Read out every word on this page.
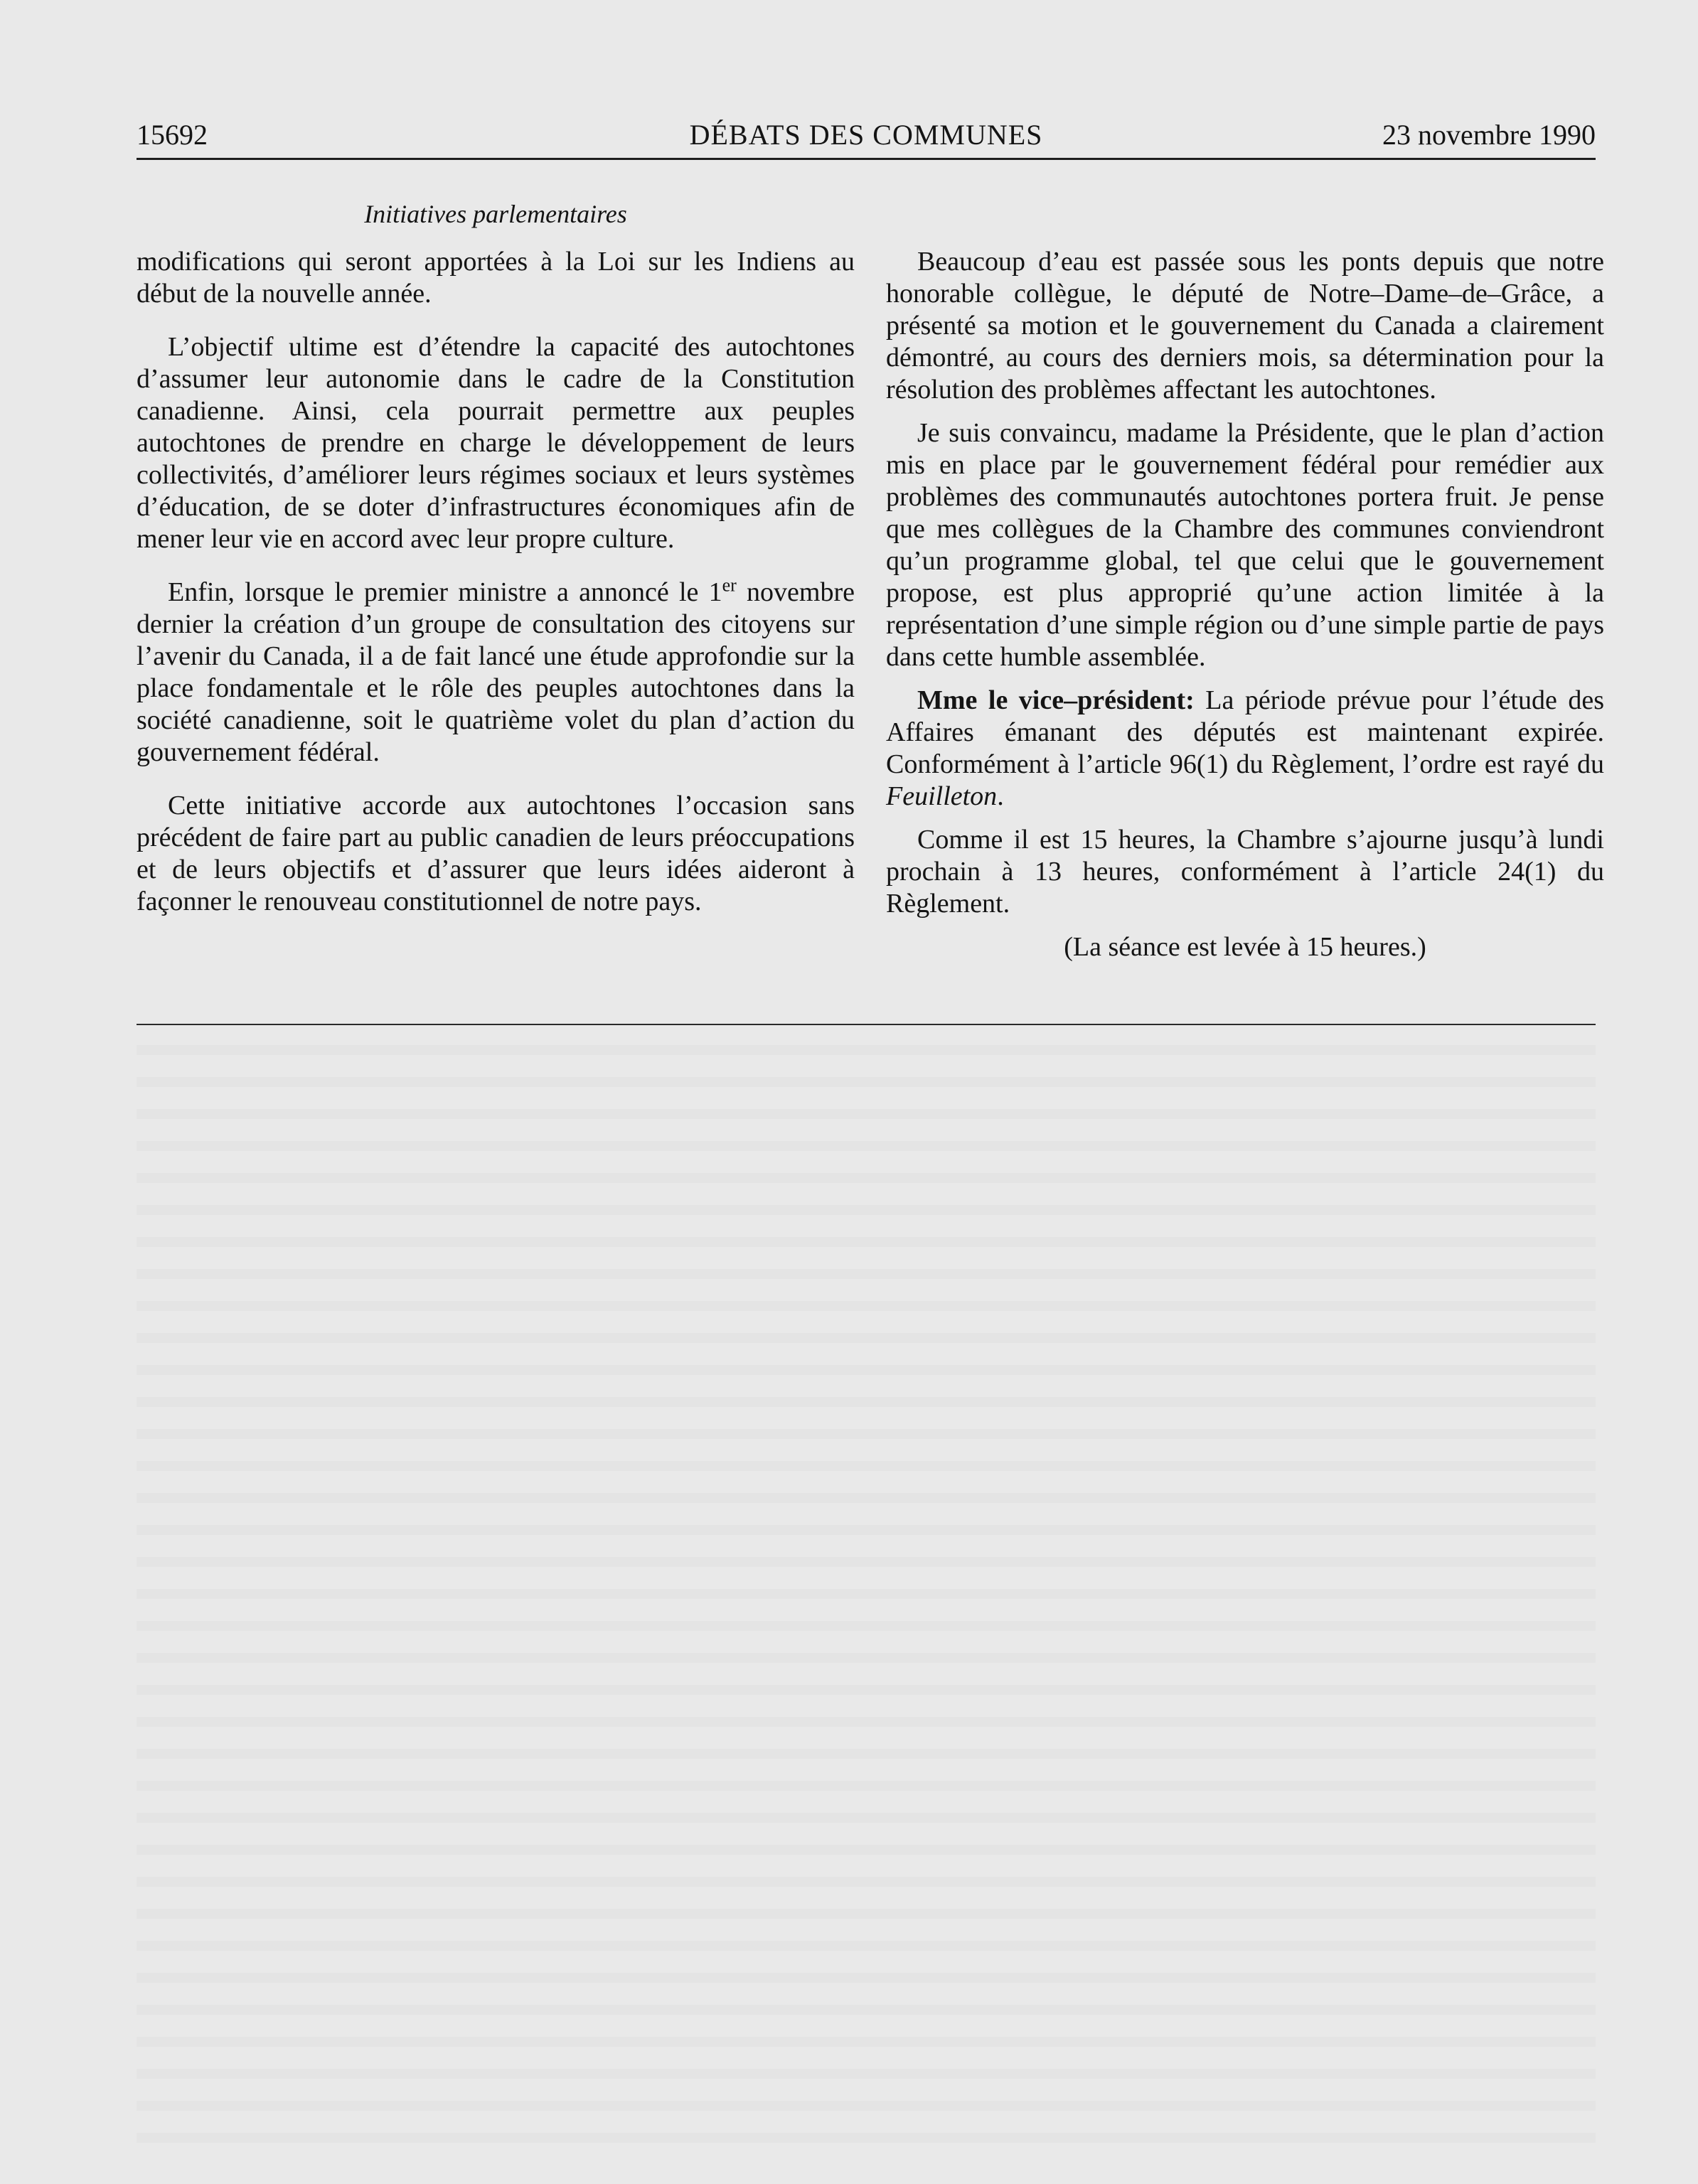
15692	DÉBATS DES COMMUNES	23 novembre 1990
Initiatives parlementaires

modifications qui seront apportées à la Loi sur les Indiens au début de la nouvelle année.

L’objectif ultime est d’étendre la capacité des autochtones d’assumer leur autonomie dans le cadre de la Constitution canadienne. Ainsi, cela pourrait permettre aux peuples autochtones de prendre en charge le développement de leurs collectivités, d’améliorer leurs régimes sociaux et leurs systèmes d’éducation, de se doter d’infrastructures économiques afin de mener leur vie en accord avec leur propre culture.

Enfin, lorsque le premier ministre a annoncé le 1er novembre dernier la création d’un groupe de consultation des citoyens sur l’avenir du Canada, il a de fait lancé une étude approfondie sur la place fondamentale et le rôle des peuples autochtones dans la société canadienne, soit le quatrième volet du plan d’action du gouvernement fédéral.

Cette initiative accorde aux autochtones l’occasion sans précédent de faire part au public canadien de leurs préoccupations et de leurs objectifs et d’assurer que leurs idées aideront à façonner le renouveau constitutionnel de notre pays.

Beaucoup d’eau est passée sous les ponts depuis que notre honorable collègue, le député de Notre–Dame–de–Grâce, a présenté sa motion et le gouvernement du Canada a clairement démontré, au cours des derniers mois, sa détermination pour la résolution des problèmes affectant les autochtones.

Je suis convaincu, madame la Présidente, que le plan d’action mis en place par le gouvernement fédéral pour remédier aux problèmes des communautés autochtones portera fruit. Je pense que mes collègues de la Chambre des communes conviendront qu’un programme global, tel que celui que le gouvernement propose, est plus approprié qu’une action limitée à la représentation d’une simple région ou d’une simple partie de pays dans cette humble assemblée.

Mme le vice–président: La période prévue pour l’étude des Affaires émanant des députés est maintenant expirée. Conformément à l’article 96(1) du Règlement, l’ordre est rayé du Feuilleton.

Comme il est 15 heures, la Chambre s’ajourne jusqu’à lundi prochain à 13 heures, conformément à l’article 24(1) du Règlement.

(La séance est levée à 15 heures.)
